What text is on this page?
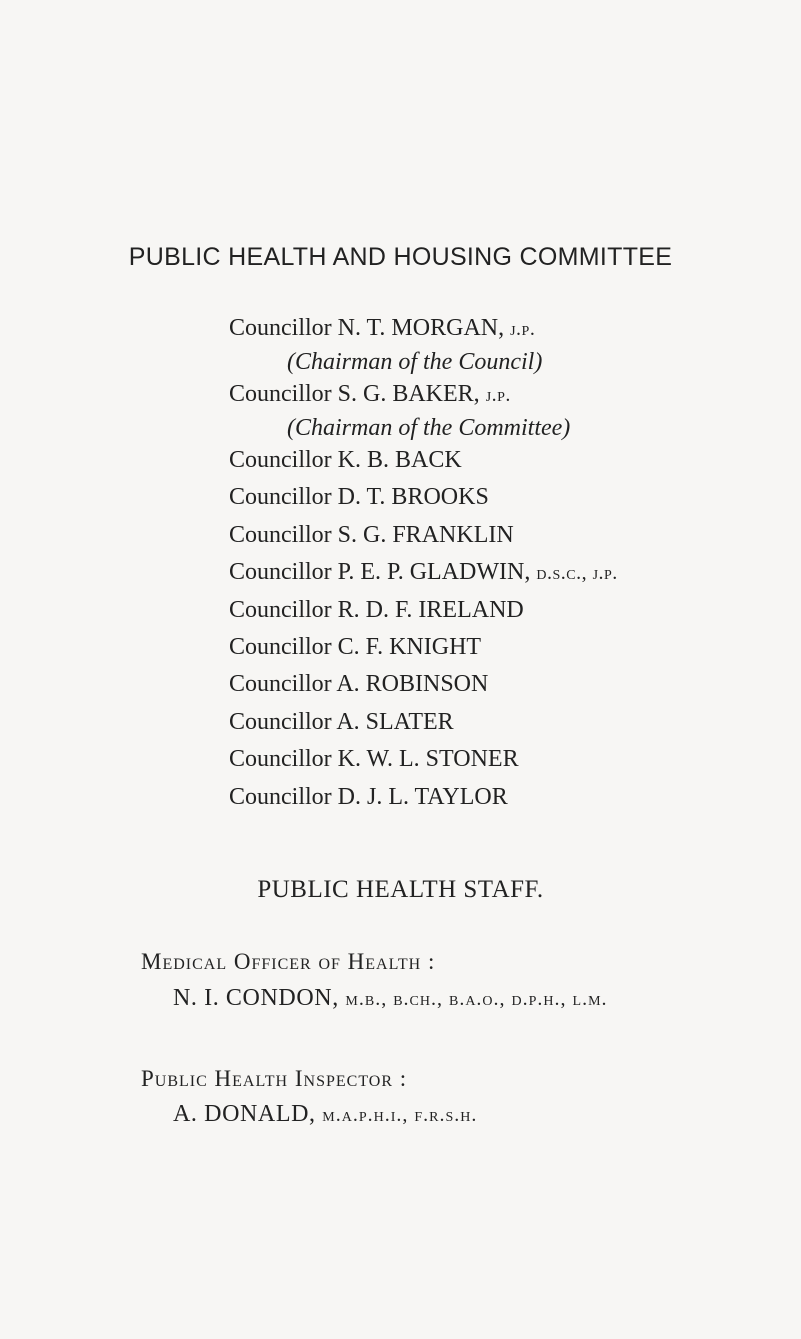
PUBLIC HEALTH AND HOUSING COMMITTEE
Councillor N. T. MORGAN, j.p.
(Chairman of the Council)
Councillor S. G. BAKER, j.p.
(Chairman of the Committee)
Councillor K. B. BACK
Councillor D. T. BROOKS
Councillor S. G. FRANKLIN
Councillor P. E. P. GLADWIN, d.s.c., j.p.
Councillor R. D. F. IRELAND
Councillor C. F. KNIGHT
Councillor A. ROBINSON
Councillor A. SLATER
Councillor K. W. L. STONER
Councillor D. J. L. TAYLOR
PUBLIC HEALTH STAFF.
Medical Officer of Health :
N. I. CONDON, m.b., b.ch., b.a.o., d.p.h., l.m.
Public Health Inspector :
A. DONALD, m.a.p.h.i., f.r.s.h.
